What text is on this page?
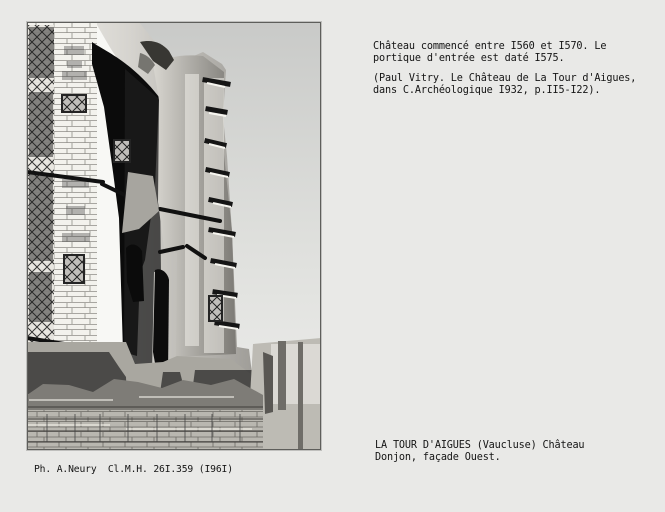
Château commencé entre I560 et I570. Le
portique d'entrée est daté I575.
(Paul Vitry. Le Château de La Tour d'Aigues,
dans C.Archéologique I932, p.II5-I22).
LA TOUR D'AIGUES (Vaucluse) Château
Donjon, façade Ouest.
Ph. A.Neury  Cl.M.H. 26I.359 (I96I)
